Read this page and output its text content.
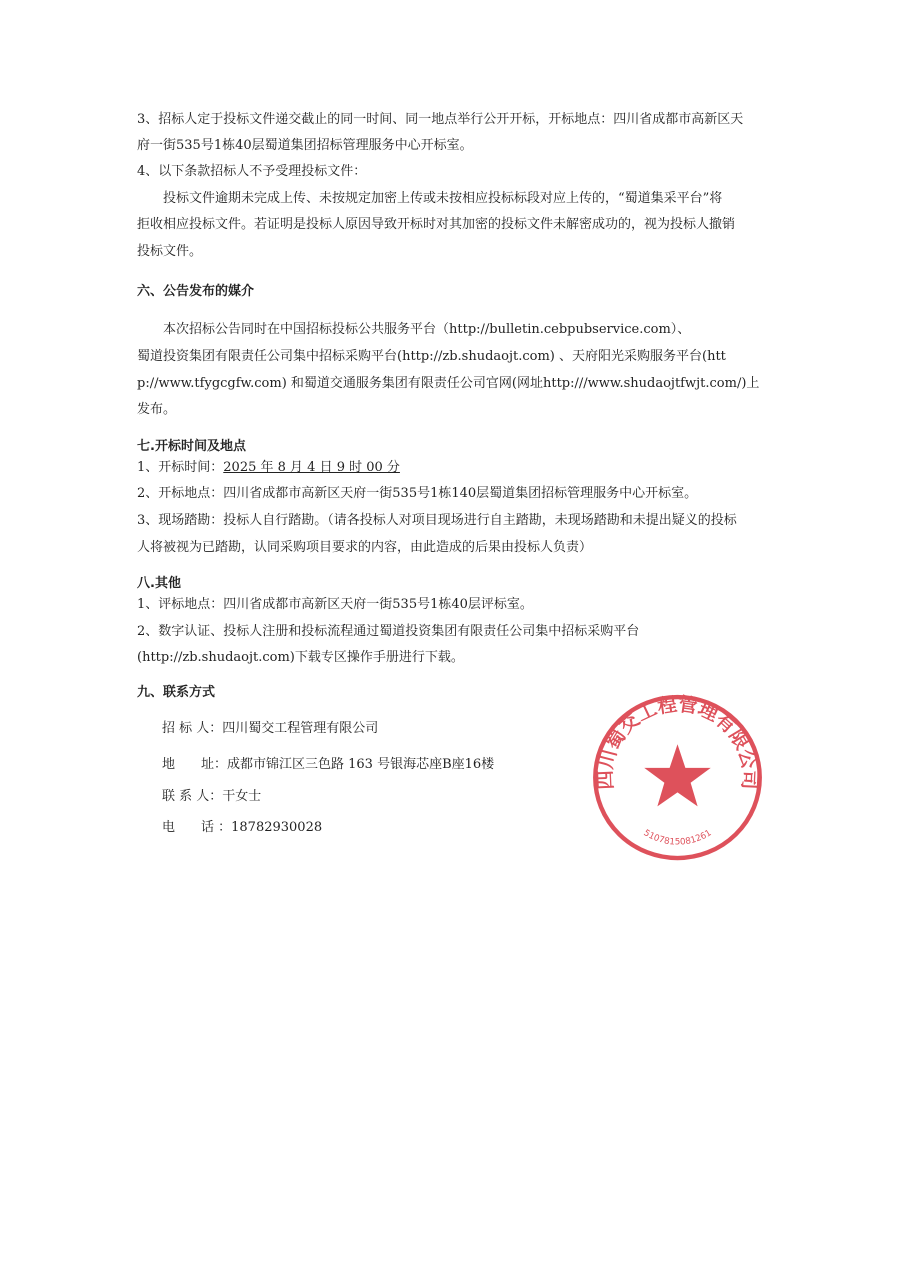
3、招标人定于投标文件递交截止的同一时间、同一地点举行公开开标，开标地点：四川省成都市高新区天
府一街535号1栋40层蜀道集团招标管理服务中心开标室。
4、以下条款招标人不予受理投标文件：
投标文件逾期未完成上传、未按规定加密上传或未按相应投标标段对应上传的，“蜀道集采平台”将
拒收相应投标文件。若证明是投标人原因导致开标时对其加密的投标文件未解密成功的，视为投标人撤销
投标文件。
六、公告发布的媒介
本次招标公告同时在中国招标投标公共服务平台（http://bulletin.cebpubservice.com）、
蜀道投资集团有限责任公司集中招标采购平台(http://zb.shudaojt.com) 、天府阳光采购服务平台(htt
p://www.tfygcgfw.com) 和蜀道交通服务集团有限责任公司官网(网址http:///www.shudaojtfwjt.com/)上
发布。
七.开标时间及地点
1、开标时间：2025 年 8 月 4 日 9 时 00 分
2、开标地点：四川省成都市高新区天府一街535号1栋140层蜀道集团招标管理服务中心开标室。
3、现场踏勘：投标人自行踏勘。（请各投标人对项目现场进行自主踏勘，未现场踏勘和未提出疑义的投标
人将被视为已踏勘，认同采购项目要求的内容，由此造成的后果由投标人负责）
八.其他
1、评标地点：四川省成都市高新区天府一街535号1栋40层评标室。
2、数字认证、投标人注册和投标流程通过蜀道投资集团有限责任公司集中招标采购平台
(http://zb.shudaojt.com)下载专区操作手册进行下载。
九、联系方式
招 标 人：四川蜀交工程管理有限公司
地　　址：成都市锦江区三色路 163 号银海芯座B座16楼
联 系 人：干女士
电　　话 ：18782930028
四川蜀交工程管理有限公司
5107815081261
